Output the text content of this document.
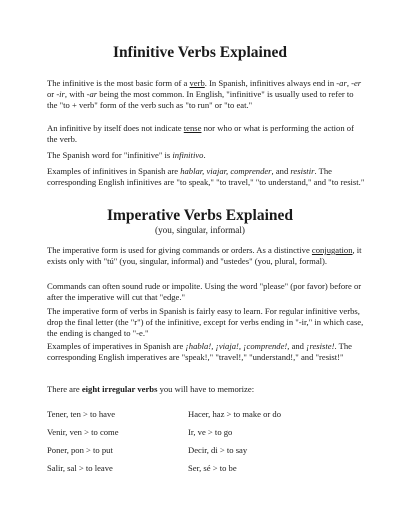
Infinitive Verbs Explained

The infinitive is the most basic form of a verb. In Spanish, infinitives always end in -ar, -er or -ir, with -ar being the most common. In English, "infinitive" is usually used to refer to the "to + verb" form of the verb such as "to run" or "to eat."

An infinitive by itself does not indicate tense nor who or what is performing the action of the verb.

The Spanish word for "infinitive" is infinitivo.

Examples of infinitives in Spanish are hablar, viajar, comprender, and resistir. The corresponding English infinitives are "to speak," "to travel," "to understand," and "to resist."

Imperative Verbs Explained
(you, singular, informal)

The imperative form is used for giving commands or orders. As a distinctive conjugation, it exists only with "tú" (you, singular, informal) and "ustedes" (you, plural, formal).

Commands can often sound rude or impolite. Using the word "please" (por favor) before or after the imperative will cut that "edge."

The imperative form of verbs in Spanish is fairly easy to learn. For regular infinitive verbs, drop the final letter (the "r") of the infinitive, except for verbs ending in "-ir," in which case, the ending is changed to "-e."

Examples of imperatives in Spanish are ¡habla!, ¡viaja!, ¡comprende!, and ¡resiste!. The corresponding English imperatives are "speak!," "travel!," "understand!," and "resist!"

There are eight irregular verbs you will have to memorize:

Tener, ten > to have	Hacer, haz > to make or do
Venir, ven > to come	Ir, ve > to go
Poner, pon > to put	Decir, di > to say
Salir, sal > to leave	Ser, sé > to be
